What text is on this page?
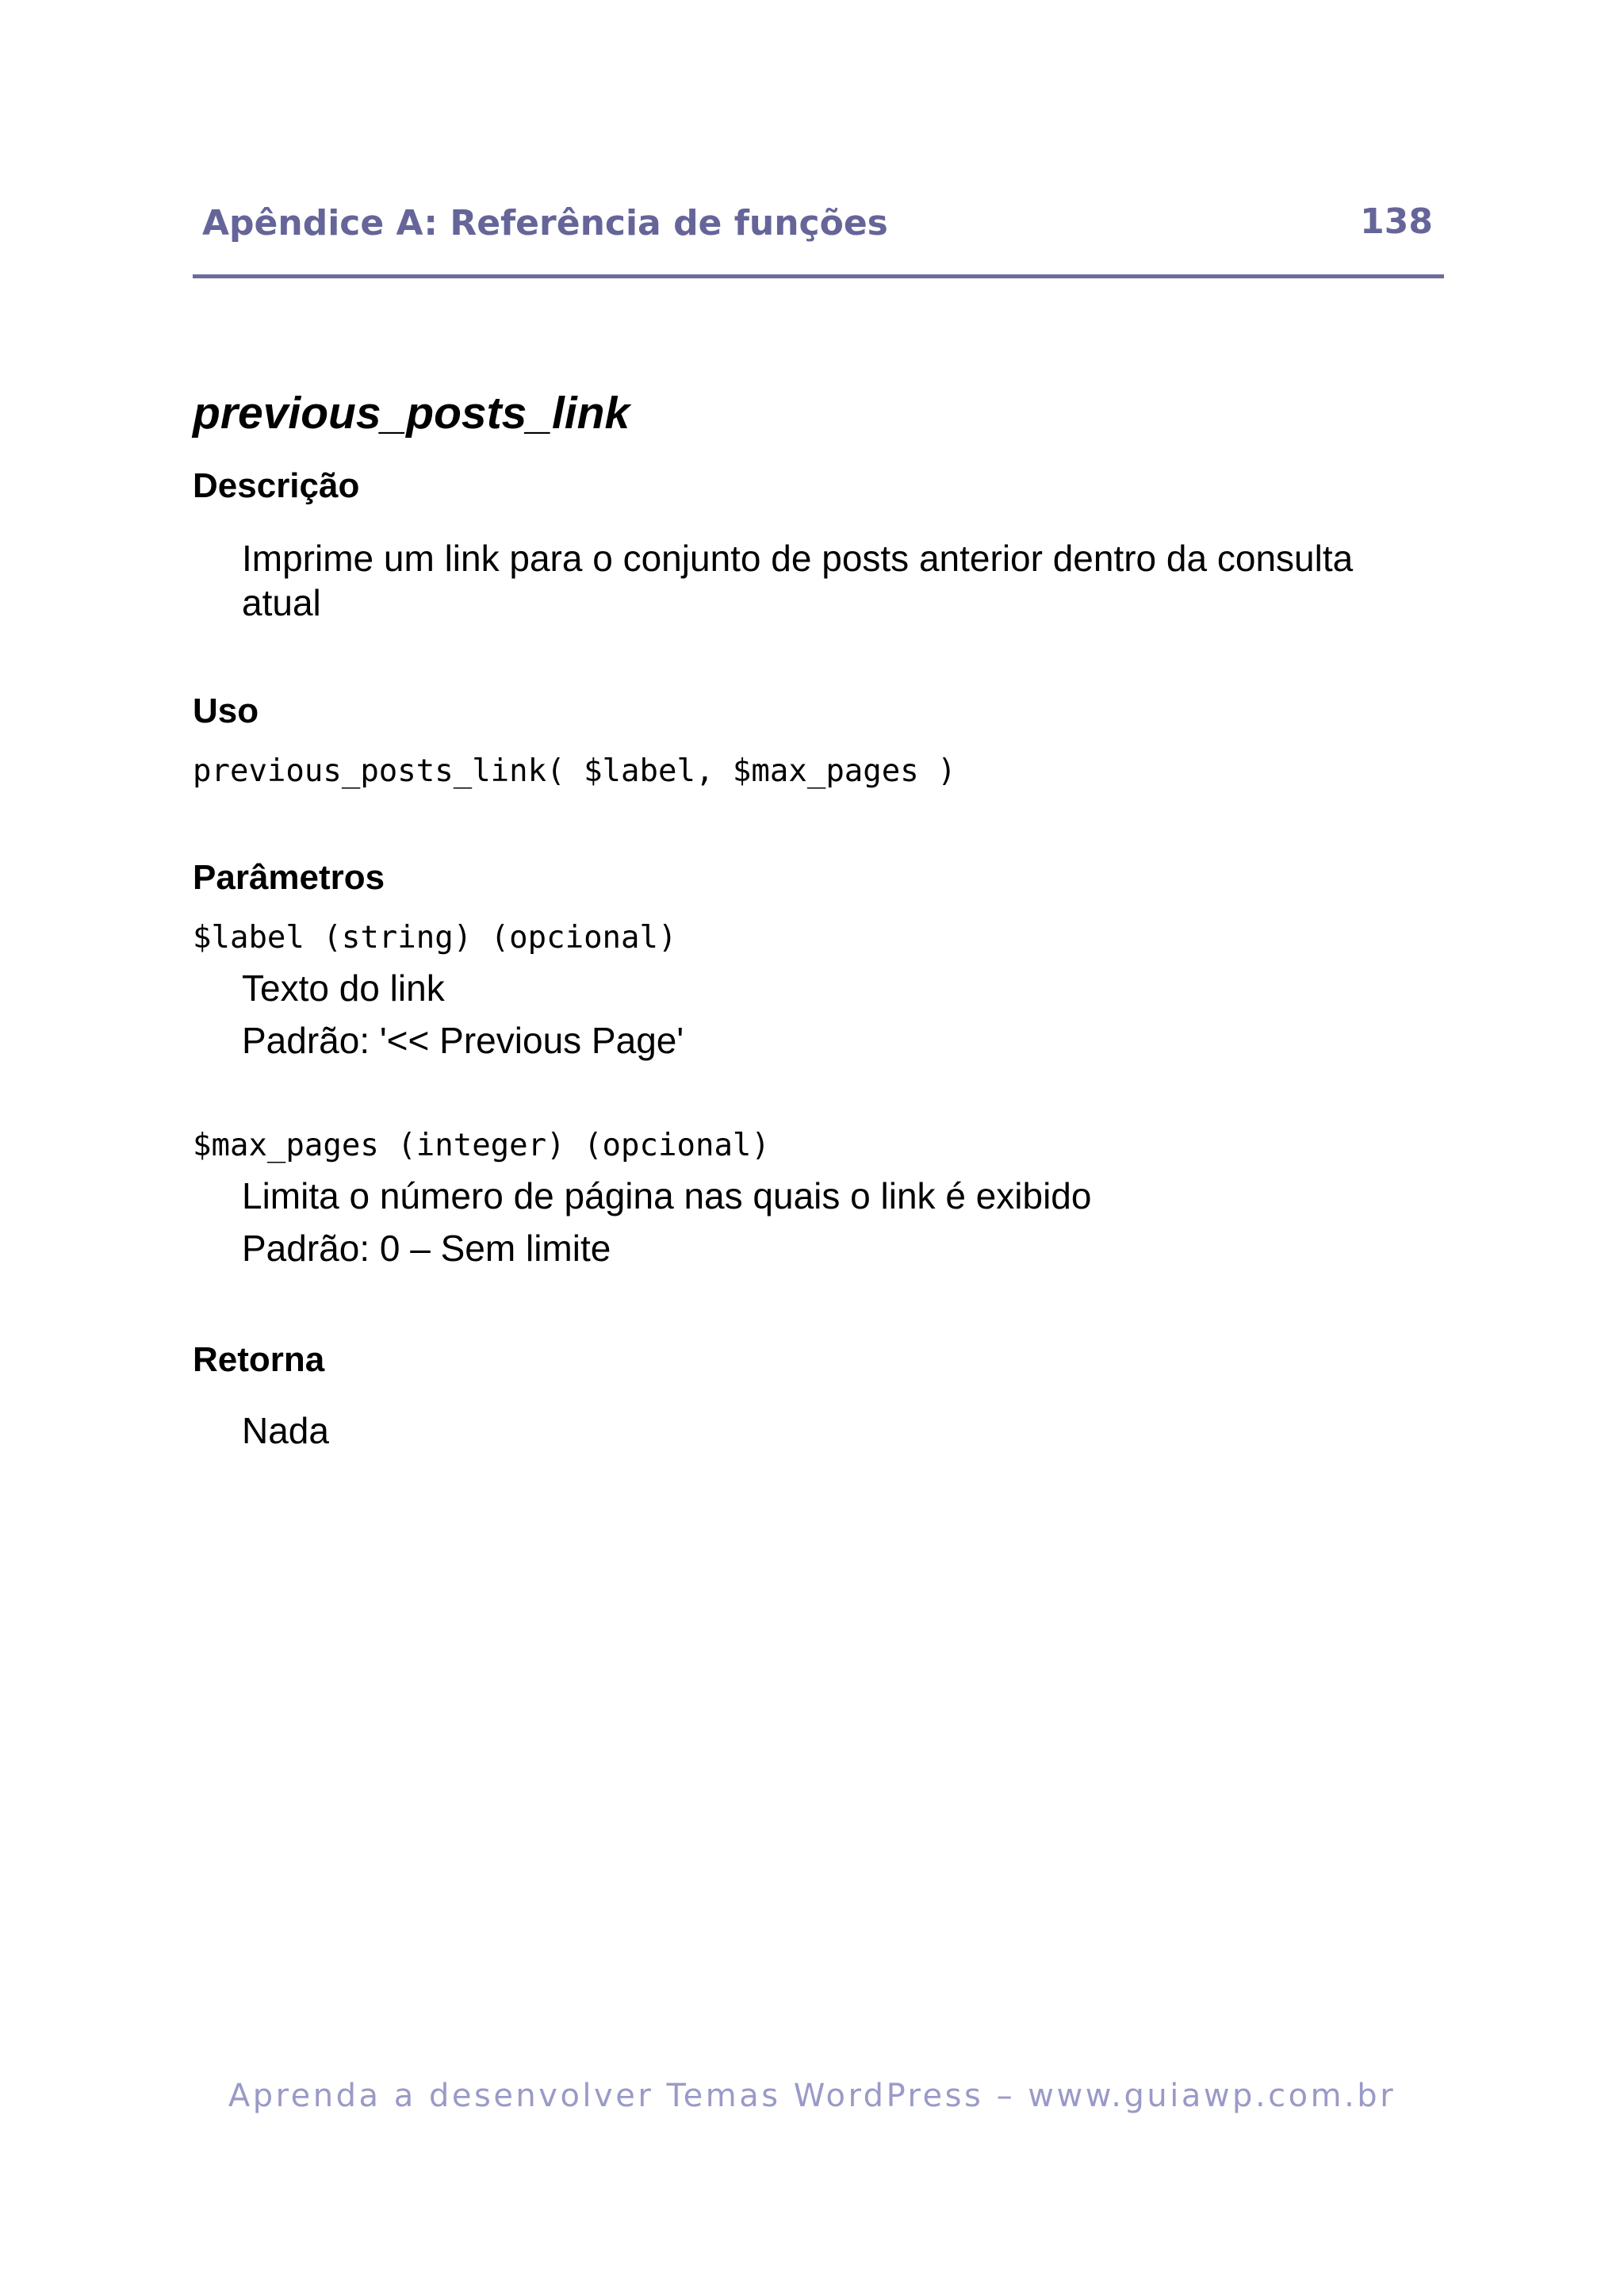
Apêndice A: Referência de funções	138
previous_posts_link
Descrição
Imprime um link para o conjunto de posts anterior dentro da consulta
atual
Uso
previous_posts_link( $label, $max_pages )
Parâmetros
$label (string) (opcional)
Texto do link
Padrão: '<< Previous Page'
$max_pages (integer) (opcional)
Limita o número de página nas quais o link é exibido
Padrão: 0 – Sem limite
Retorna
Nada
Aprenda a desenvolver Temas WordPress – www.guiawp.com.br
